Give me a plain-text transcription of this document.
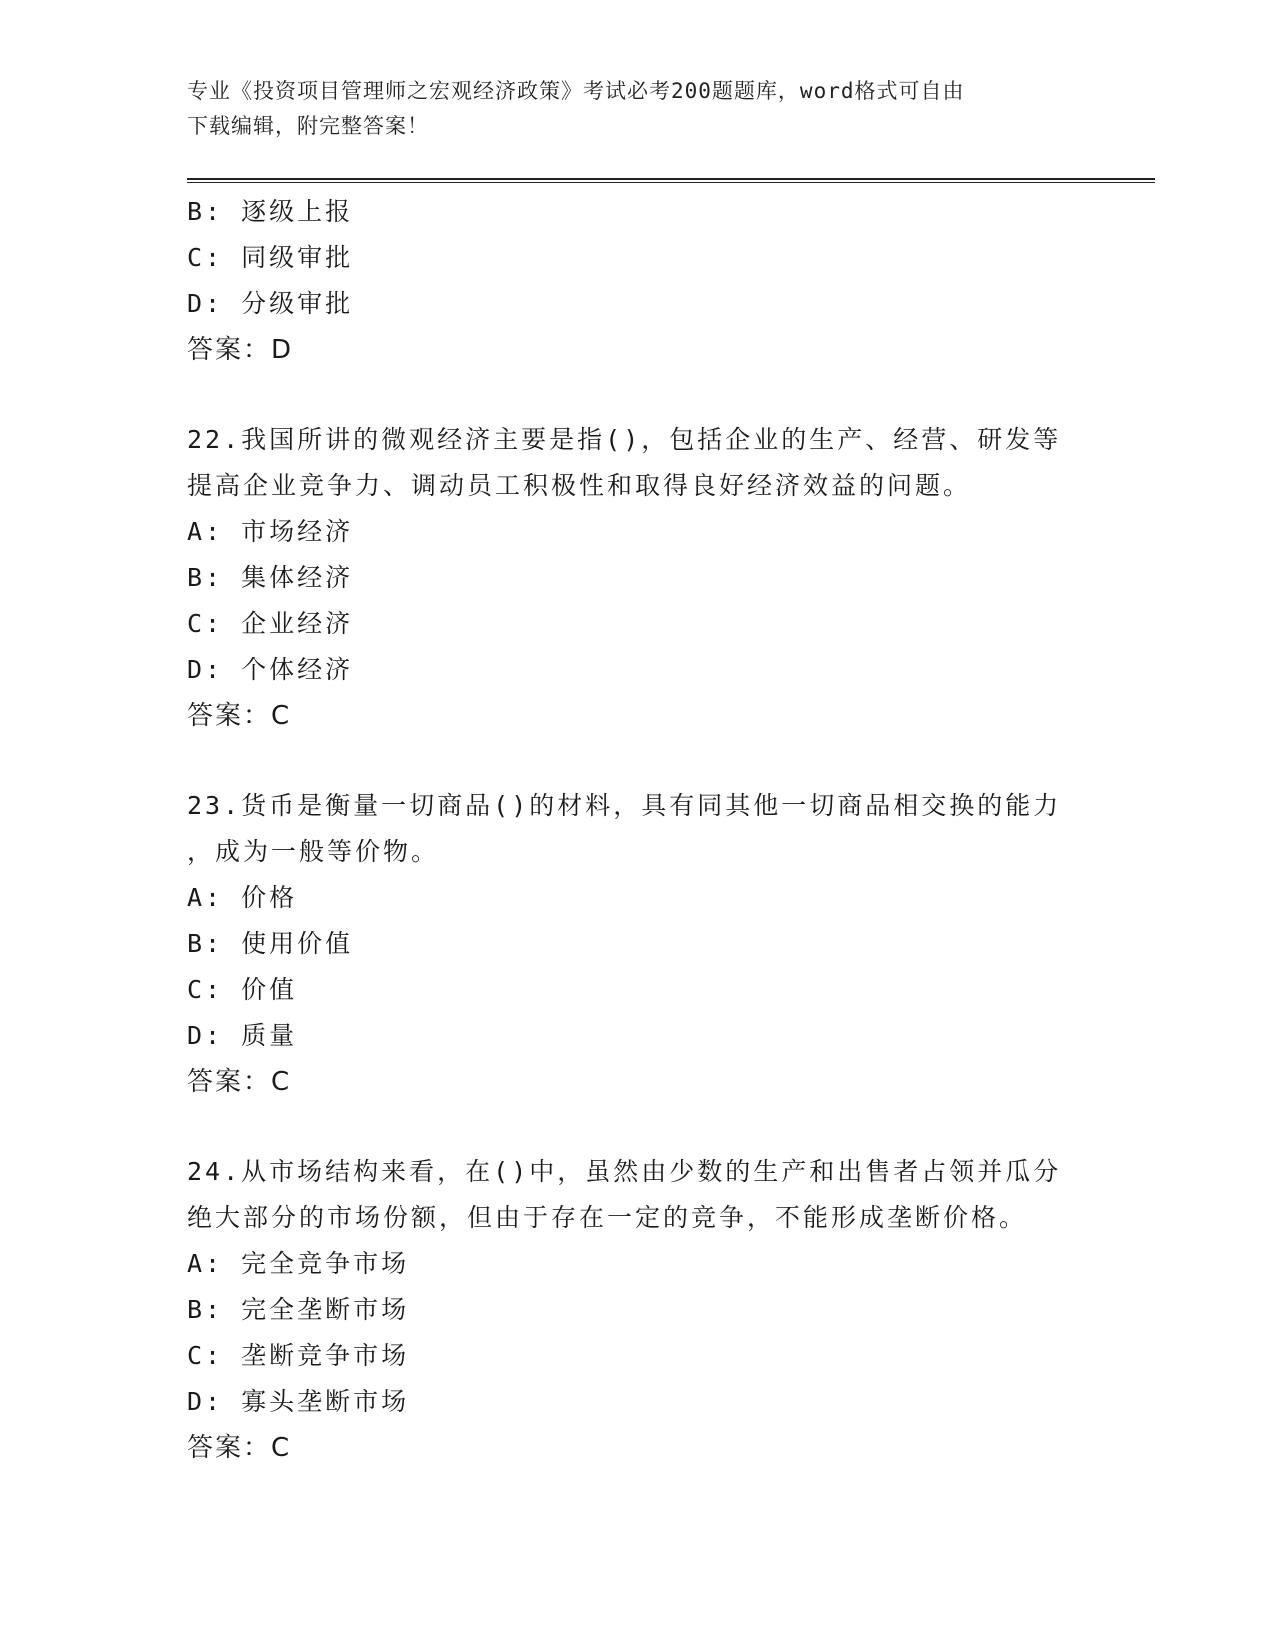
专业《投资项目管理师之宏观经济政策》考试必考200题题库，word格式可自由
下载编辑，附完整答案！
B: 逐级上报
C: 同级审批
D: 分级审批
答案：D
22.我国所讲的微观经济主要是指()，包括企业的生产、经营、研发等
提高企业竞争力、调动员工积极性和取得良好经济效益的问题。
A: 市场经济
B: 集体经济
C: 企业经济
D: 个体经济
答案：C
23.货币是衡量一切商品()的材料，具有同其他一切商品相交换的能力
，成为一般等价物。
A: 价格
B: 使用价值
C: 价值
D: 质量
答案：C
24.从市场结构来看，在()中，虽然由少数的生产和出售者占领并瓜分
绝大部分的市场份额，但由于存在一定的竞争，不能形成垄断价格。
A: 完全竞争市场
B: 完全垄断市场
C: 垄断竞争市场
D: 寡头垄断市场
答案：C
